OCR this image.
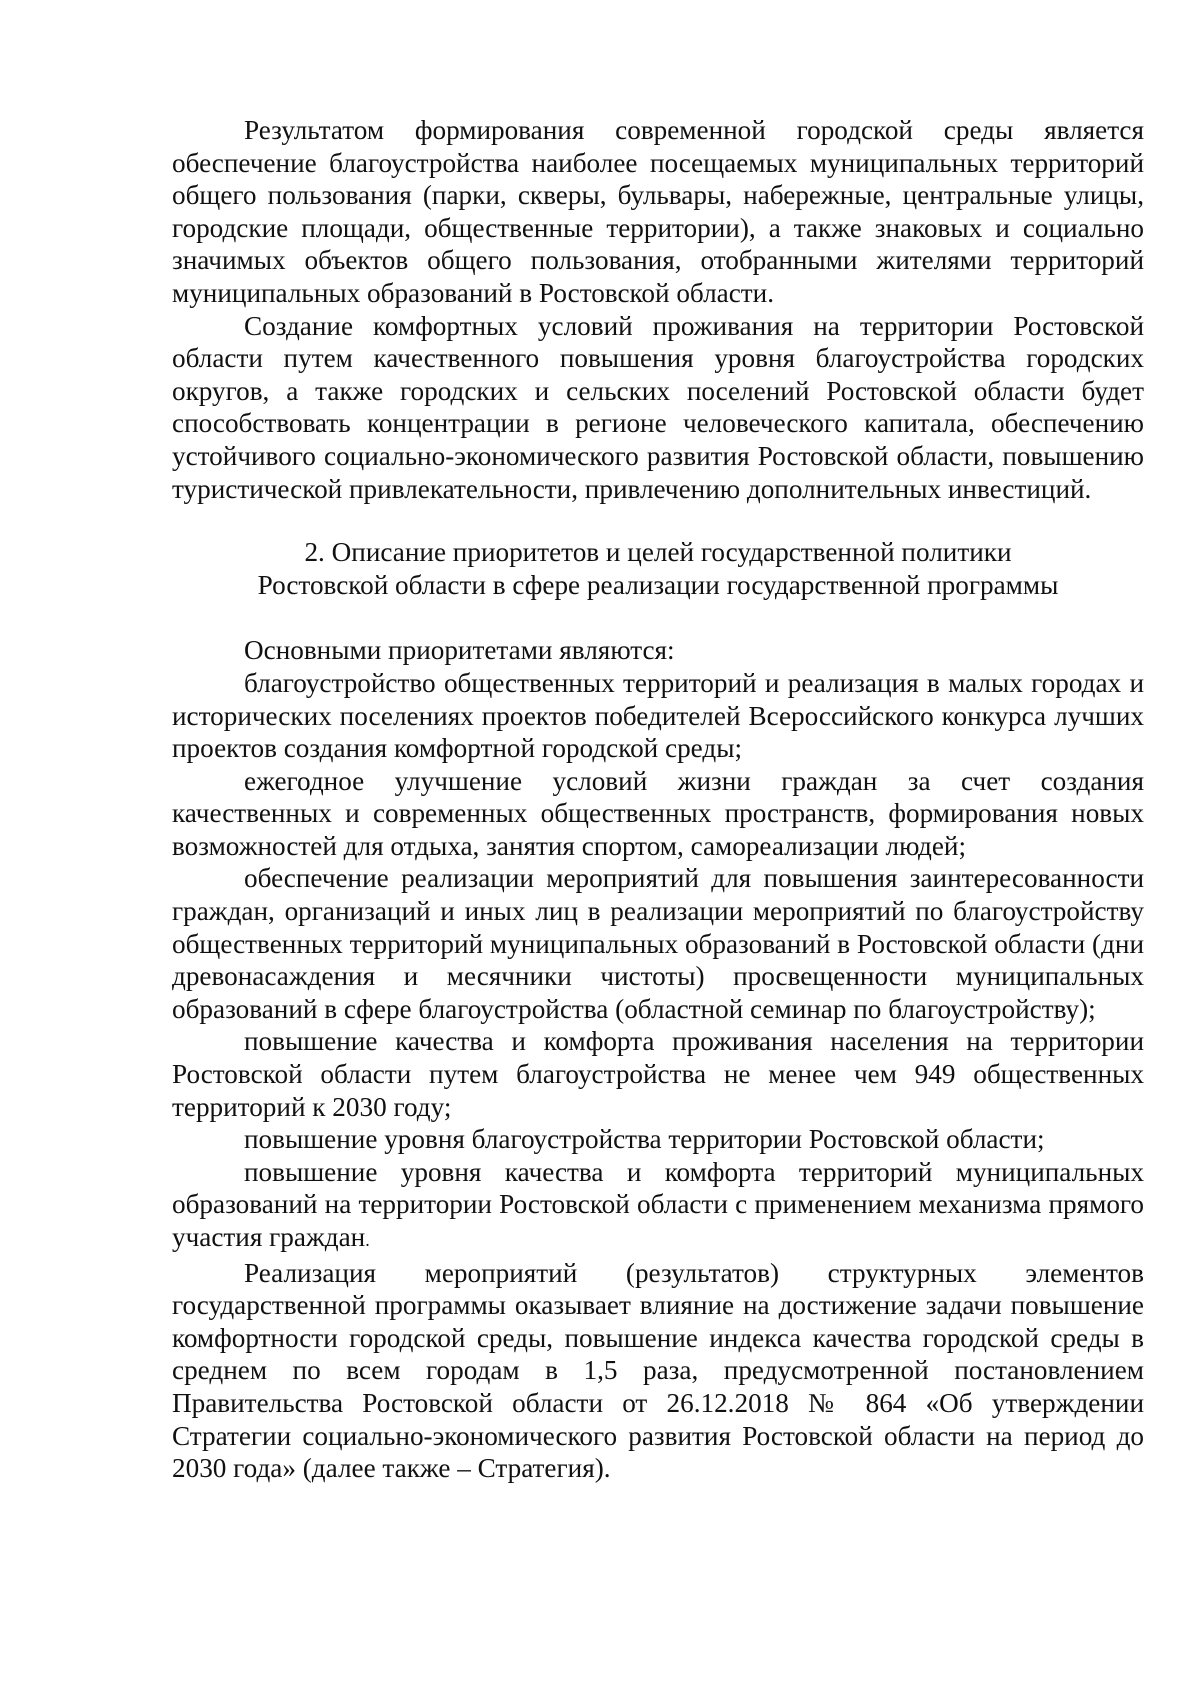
Результатом формирования современной городской среды является обеспечение благоустройства наиболее посещаемых муниципальных территорий общего пользования (парки, скверы, бульвары, набережные, центральные улицы, городские площади, общественные территории), а также знаковых и социально значимых объектов общего пользования, отобранными жителями территорий муниципальных образований в Ростовской области.

Создание комфортных условий проживания на территории Ростовской области путем качественного повышения уровня благоустройства городских округов, а также городских и сельских поселений Ростовской области будет способствовать концентрации в регионе человеческого капитала, обеспечению устойчивого социально-экономического развития Ростовской области, повышению туристической привлекательности, привлечению дополнительных инвестиций.

2. Описание приоритетов и целей государственной политики
Ростовской области в сфере реализации государственной программы

Основными приоритетами являются:

благоустройство общественных территорий и реализация в малых городах и исторических поселениях проектов победителей Всероссийского конкурса лучших проектов создания комфортной городской среды;

ежегодное улучшение условий жизни граждан за счет создания качественных и современных общественных пространств, формирования новых возможностей для отдыха, занятия спортом, самореализации людей;

обеспечение реализации мероприятий для повышения заинтересованности граждан, организаций и иных лиц в реализации мероприятий по благоустройству общественных территорий муниципальных образований в Ростовской области (дни древонасаждения и месячники чистоты) просвещенности муниципальных образований в сфере благоустройства (областной семинар по благоустройству);

повышение качества и комфорта проживания населения на территории Ростовской области путем благоустройства не менее чем 949 общественных территорий к 2030 году;

повышение уровня благоустройства территории Ростовской области;

повышение уровня качества и комфорта территорий муниципальных образований на территории Ростовской области с применением механизма прямого участия граждан.

Реализация мероприятий (результатов) структурных элементов государственной программы оказывает влияние на достижение задачи повышение комфортности городской среды, повышение индекса качества городской среды в среднем по всем городам в 1,5 раза, предусмотренной постановлением Правительства Ростовской области от 26.12.2018 № 864 «Об утверждении Стратегии социально-экономического развития Ростовской области на период до 2030 года» (далее также – Стратегия).
